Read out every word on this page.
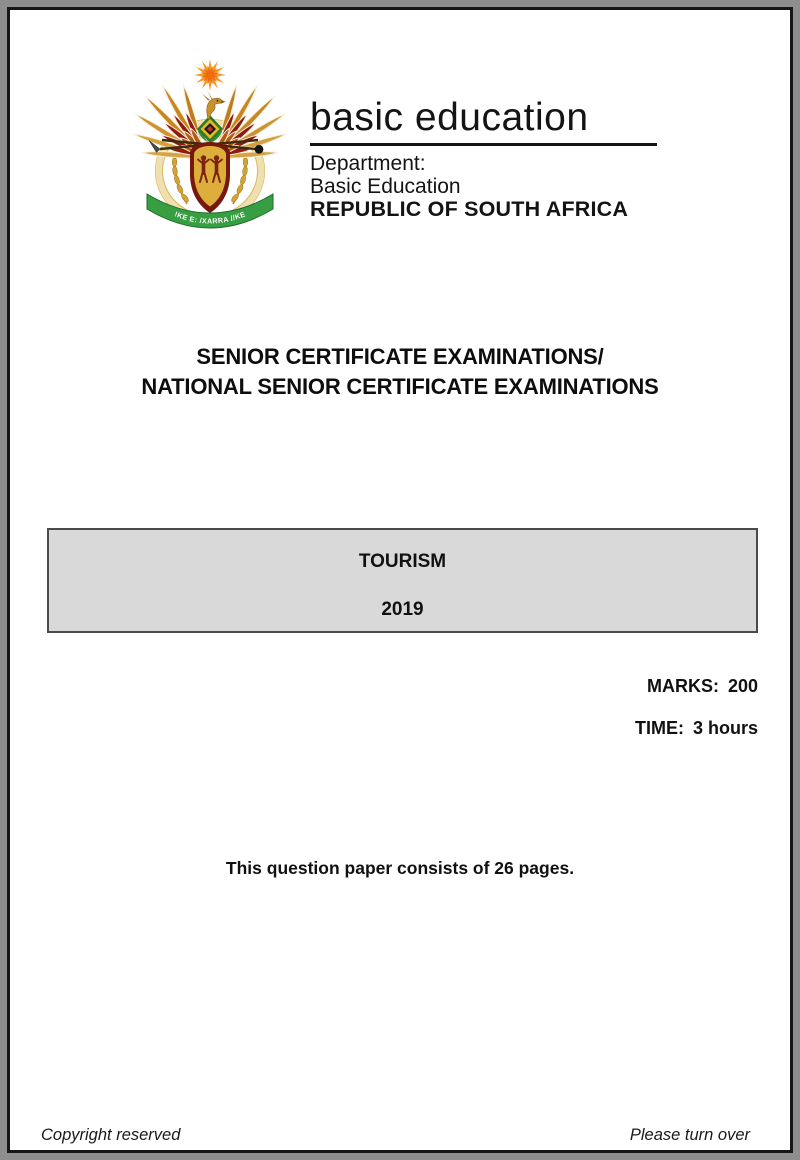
!KE E: /XARRA //KE
basic education
Department:
Basic Education
REPUBLIC OF SOUTH AFRICA
SENIOR CERTIFICATE EXAMINATIONS/
NATIONAL SENIOR CERTIFICATE EXAMINATIONS
TOURISM
2019
MARKS: 200
TIME: 3 hours
This question paper consists of 26 pages.
Copyright reserved	Please turn over
